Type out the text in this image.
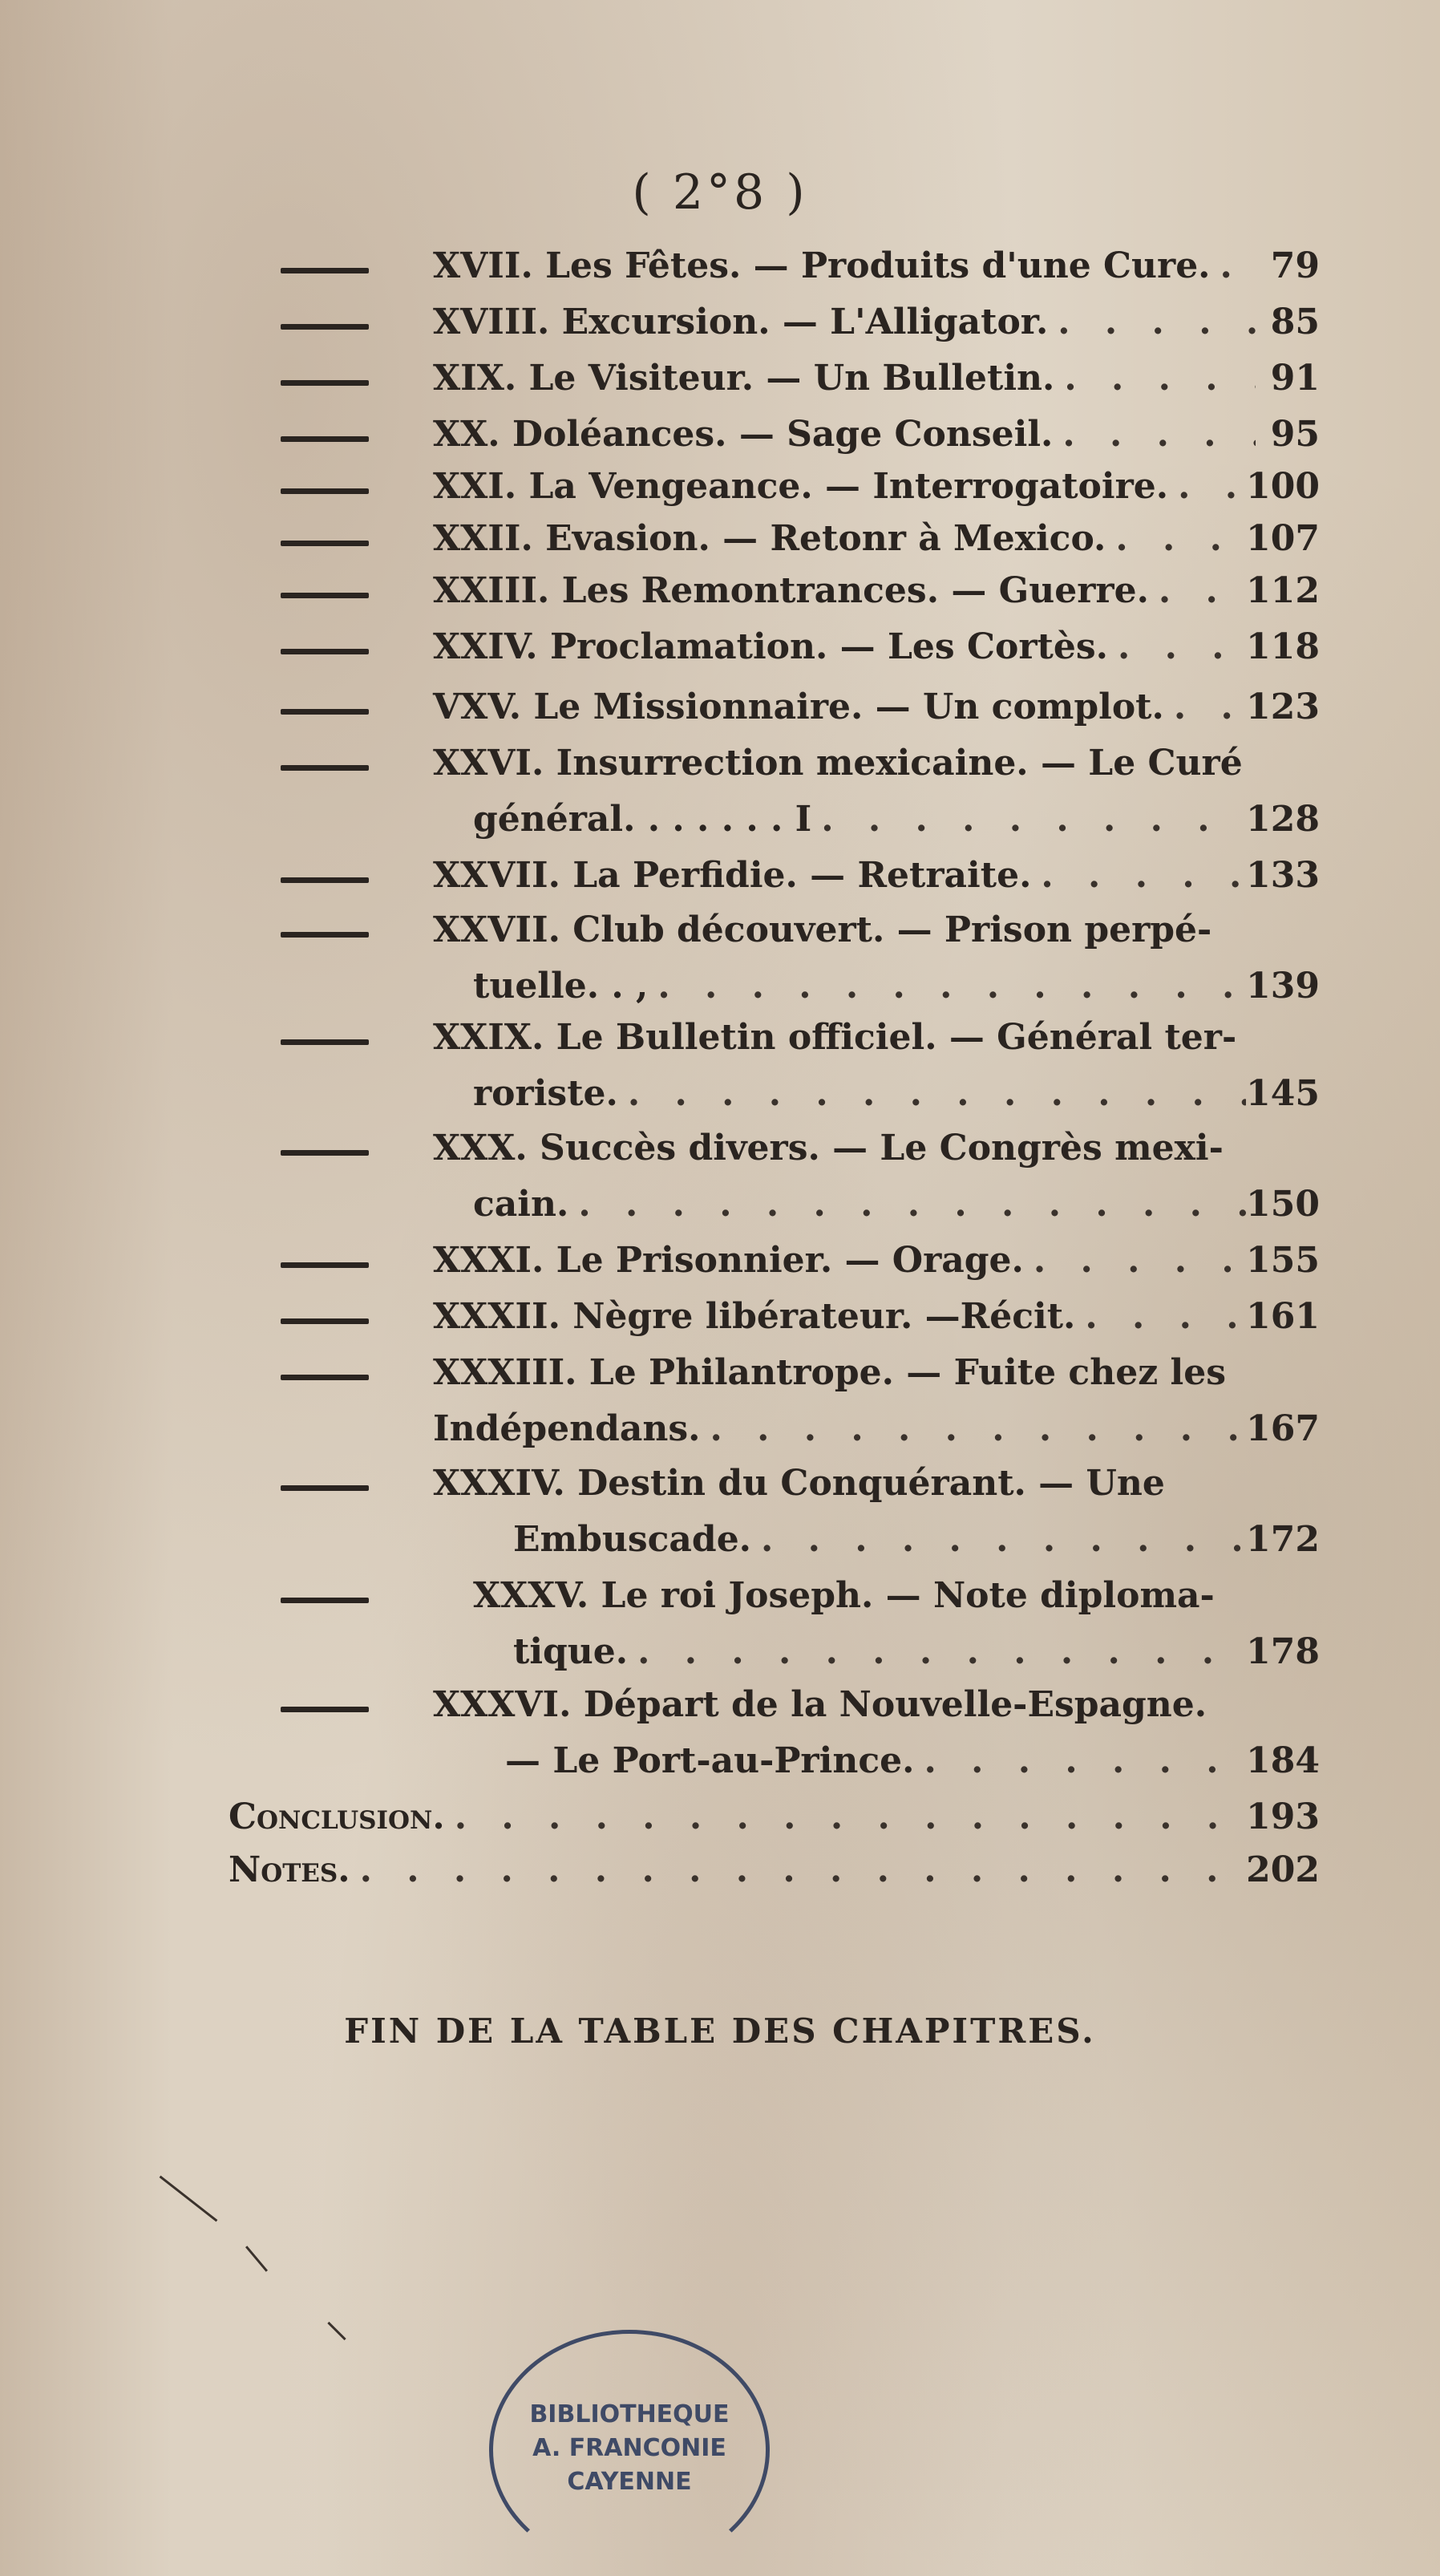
( 2°8 )
XVII. Les Fêtes. — Produits d'une Cure. . . .	79
XVIII. Excursion. — L'Alligator. . . .	85
XIX. Le Visiteur. — Un Bulletin. . . .	91
XX. Doléances. — Sage Conseil. . . .	95
XXI. La Vengeance. — Interrogatoire. . . . 100
XXII. Evasion. — Retonr à Mexico. . . .	107
XXIII. Les Remontrances. — Guerre. . . .	112
XXIV. Proclamation. — Les Cortès. . . .	118
VXV. Le Missionnaire. — Un complot. . . . 123
XXVI. Insurrection mexicaine. — Le Curé
général. . . . . . . I . . .	128
XXVII. La Perfidie. — Retraite. . . .	133
XXVII. Club découvert. — Prison perpé-
tuelle. . , . . .	139
XXIX. Le Bulletin officiel. — Général ter-
roriste. . . .	145
XXX. Succès divers. — Le Congrès mexi-
cain. . . .	150
XXXI. Le Prisonnier. — Orage. . . .	155
XXXII. Nègre libérateur. —Récit. . . .	161
XXXIII. Le Philantrope. — Fuite chez les
Indépendans. . . .	167
XXXIV. Destin du Conquérant. — Une
Embuscade. . . .	172
XXXV. Le roi Joseph. — Note diploma-
tique. . . .	178
XXXVI. Départ de la Nouvelle-Espagne.
— Le Port-au-Prince. . . .	184
Conclusion. . . .	193
Notes. . . .	202
FIN DE LA TABLE DES CHAPITRES.
BIBLIOTHEQUE
A. FRANCONIE
CAYENNE
